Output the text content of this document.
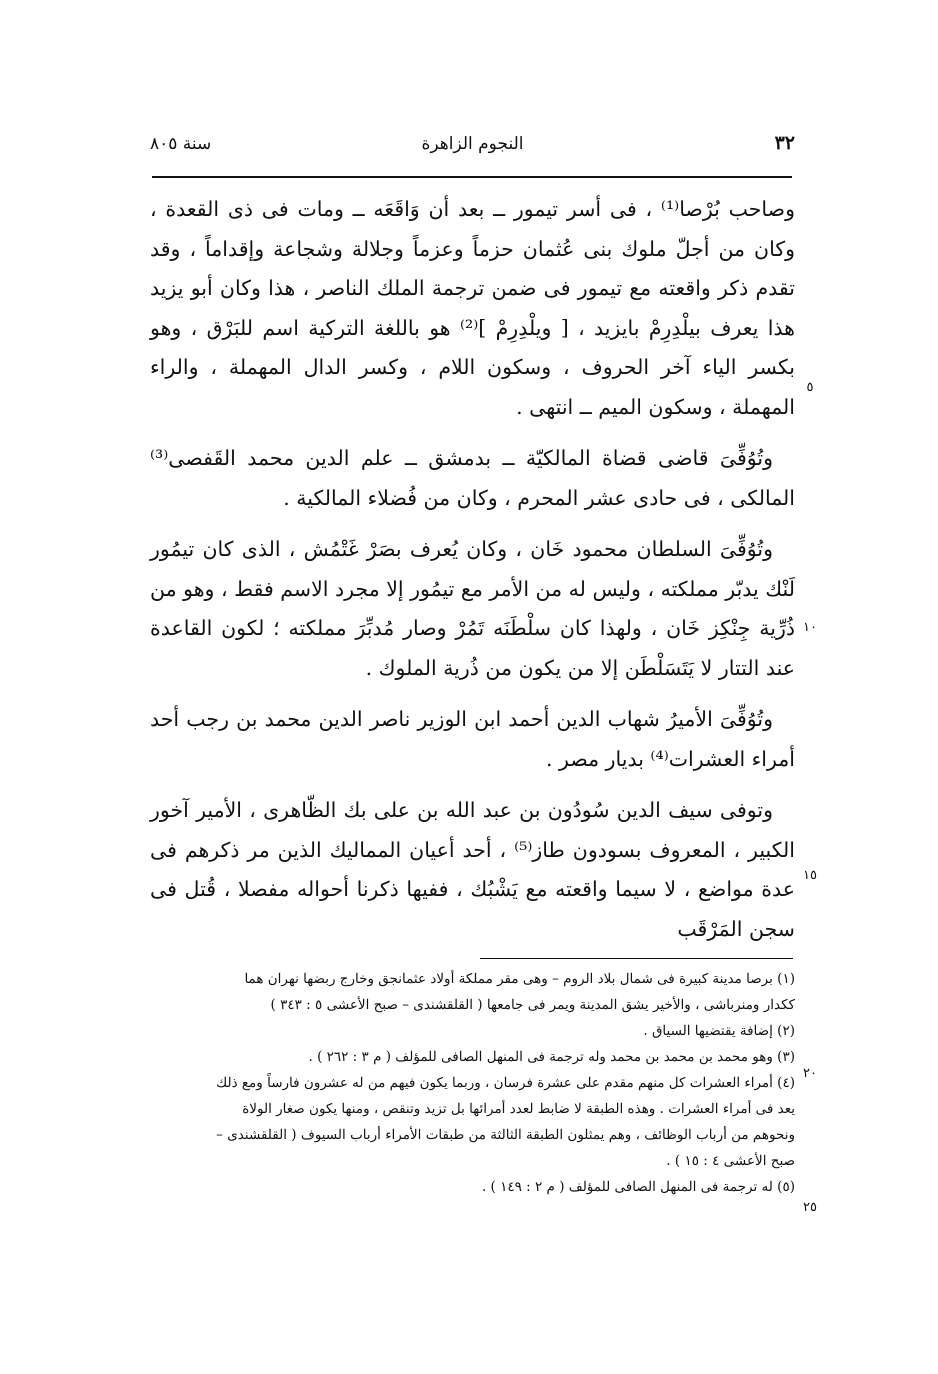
٣٢
النجوم الزاهرة
سنة ٨٠٥

وصاحب بُرْصا⁽¹⁾ ، فى أسر تيمور ــ بعد أن وَاقَعَه ــ ومات فى ذى القعدة ، وكان من أجلّ ملوك بنى عُثمان حزماً وعزماً وجلالة وشجاعة وإقداماً ، وقد تقدم ذكر واقعته مع تيمور فى ضمن ترجمة الملك الناصر ، هذا وكان أبو يزيد هذا يعرف بيلْدِرِمْ بايزيد ، [ ويلْدِرِمْ ]⁽²⁾ هو باللغة التركية اسم للبَرْق ، وهو بكسر الياء آخر الحروف ، وسكون اللام ، وكسر الدال المهملة ، والراء المهملة ، وسكون الميم ــ انتهى .

وتُوُفِّىَ قاضى قضاة المالكيّة ــ بدمشق ــ علم الدين محمد القَفصى⁽³⁾ المالكى ، فى حادى عشر المحرم ، وكان من فُضلاء المالكية .

وتُوُفِّىَ السلطان محمود خَان ، وكان يُعرف بصَرْ غَتْمُش ، الذى كان تيمُور لَنْك يدبّر مملكته ، وليس له من الأمر مع تيمُور إلا مجرد الاسم فقط ، وهو من ذُرِّية جِنْكِز خَان ، ولهذا كان سلْطَنَه تَمُرْ وصار مُدبِّرَ مملكته ؛ لكون القاعدة عند التتار لا يَتَسَلْطَن إلا من يكون من ذُرية الملوك .

وتُوُفِّىَ الأميرُ شهاب الدين أحمد ابن الوزير ناصر الدين محمد بن رجب أحد أمراء العشرات⁽⁴⁾ بديار مصر .

وتوفى سيف الدين سُودُون بن عبد الله بن على بك الظّاهرى ، الأمير آخور الكبير ، المعروف بسودون طاز⁽⁵⁾ ، أحد أعيان المماليك الذين مر ذكرهم فى عدة مواضع ، لا سيما واقعته مع يَشْبُك ، ففيها ذكرنا أحواله مفصلا ، قُتل فى سجن المَرْقَب

٥
١٠
١٥
٢٠
٢٥

(١) برصا مدينة كبيرة فى شمال بلاد الروم – وهى مقر مملكة أولاد عثمانجق وخارج ربضها نهران هما

ككدار ومنرباشى ، والأخير يشق المدينة ويمر فى جامعها ( القلقشندى – صبح الأعشى ٥ : ٣٤٣ )

(٢) إضافة يقتضيها السياق .

(٣) وهو محمد بن محمد بن محمد وله ترجمة فى المنهل الصافى للمؤلف ( م ٣ : ٢٦٢ ) .

(٤) أمراء العشرات كل منهم مقدم على عشرة فرسان ، وربما يكون فيهم من له عشرون فارساً ومع ذلك

يعد فى أمراء العشرات . وهذه الطبقة لا ضابط لعدد أمرائها بل تزيد وتنقص ، ومنها يكون صغار الولاة

ونحوهم من أرباب الوظائف ، وهم يمثلون الطبقة الثالثة من طبقات الأمراء أرباب السيوف ( القلقشندى –

صبح الأعشى ٤ : ١٥ ) .

(٥) له ترجمة فى المنهل الصافى للمؤلف ( م ٢ : ١٤٩ ) .
